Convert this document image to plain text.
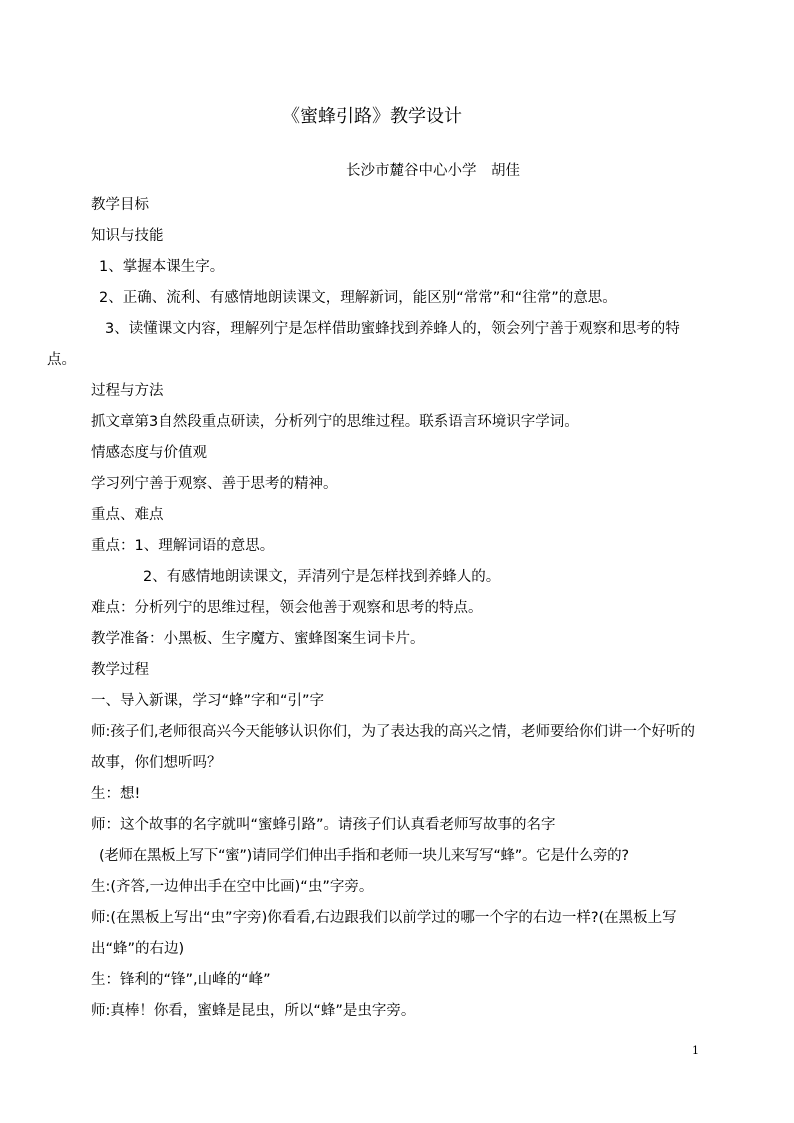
《蜜蜂引路》教学设计
长沙市麓谷中心小学　胡佳

教学目标

知识与技能

1、掌握本课生字。

2、正确、流利、有感情地朗读课文，理解新词，能区别“常常”和“往常”的意思。

3、读懂课文内容，理解列宁是怎样借助蜜蜂找到养蜂人的，领会列宁善于观察和思考的特点。

过程与方法

抓文章第3自然段重点研读，分析列宁的思维过程。联系语言环境识字学词。

情感态度与价值观

学习列宁善于观察、善于思考的精神。

重点、难点

重点：1、理解词语的意思。

2、有感情地朗读课文，弄清列宁是怎样找到养蜂人的。

难点：分析列宁的思维过程，领会他善于观察和思考的特点。

教学准备：小黑板、生字魔方、蜜蜂图案生词卡片。

教学过程

一、导入新课，学习“蜂”字和“引”字

师:孩子们,老师很高兴今天能够认识你们，为了表达我的高兴之情，老师要给你们讲一个好听的故事，你们想听吗？

生：想!

师：这个故事的名字就叫“蜜蜂引路”。请孩子们认真看老师写故事的名字

(老师在黑板上写下“蜜”)请同学们伸出手指和老师一块儿来写写“蜂”。它是什么旁的?

生:(齐答,一边伸出手在空中比画)“虫”字旁。

师:(在黑板上写出“虫”字旁)你看看,右边跟我们以前学过的哪一个字的右边一样?(在黑板上写出“蜂”的右边)

生：锋利的“锋”,山峰的“峰”

师:真棒！你看，蜜蜂是昆虫，所以“蜂”是虫字旁。

1
